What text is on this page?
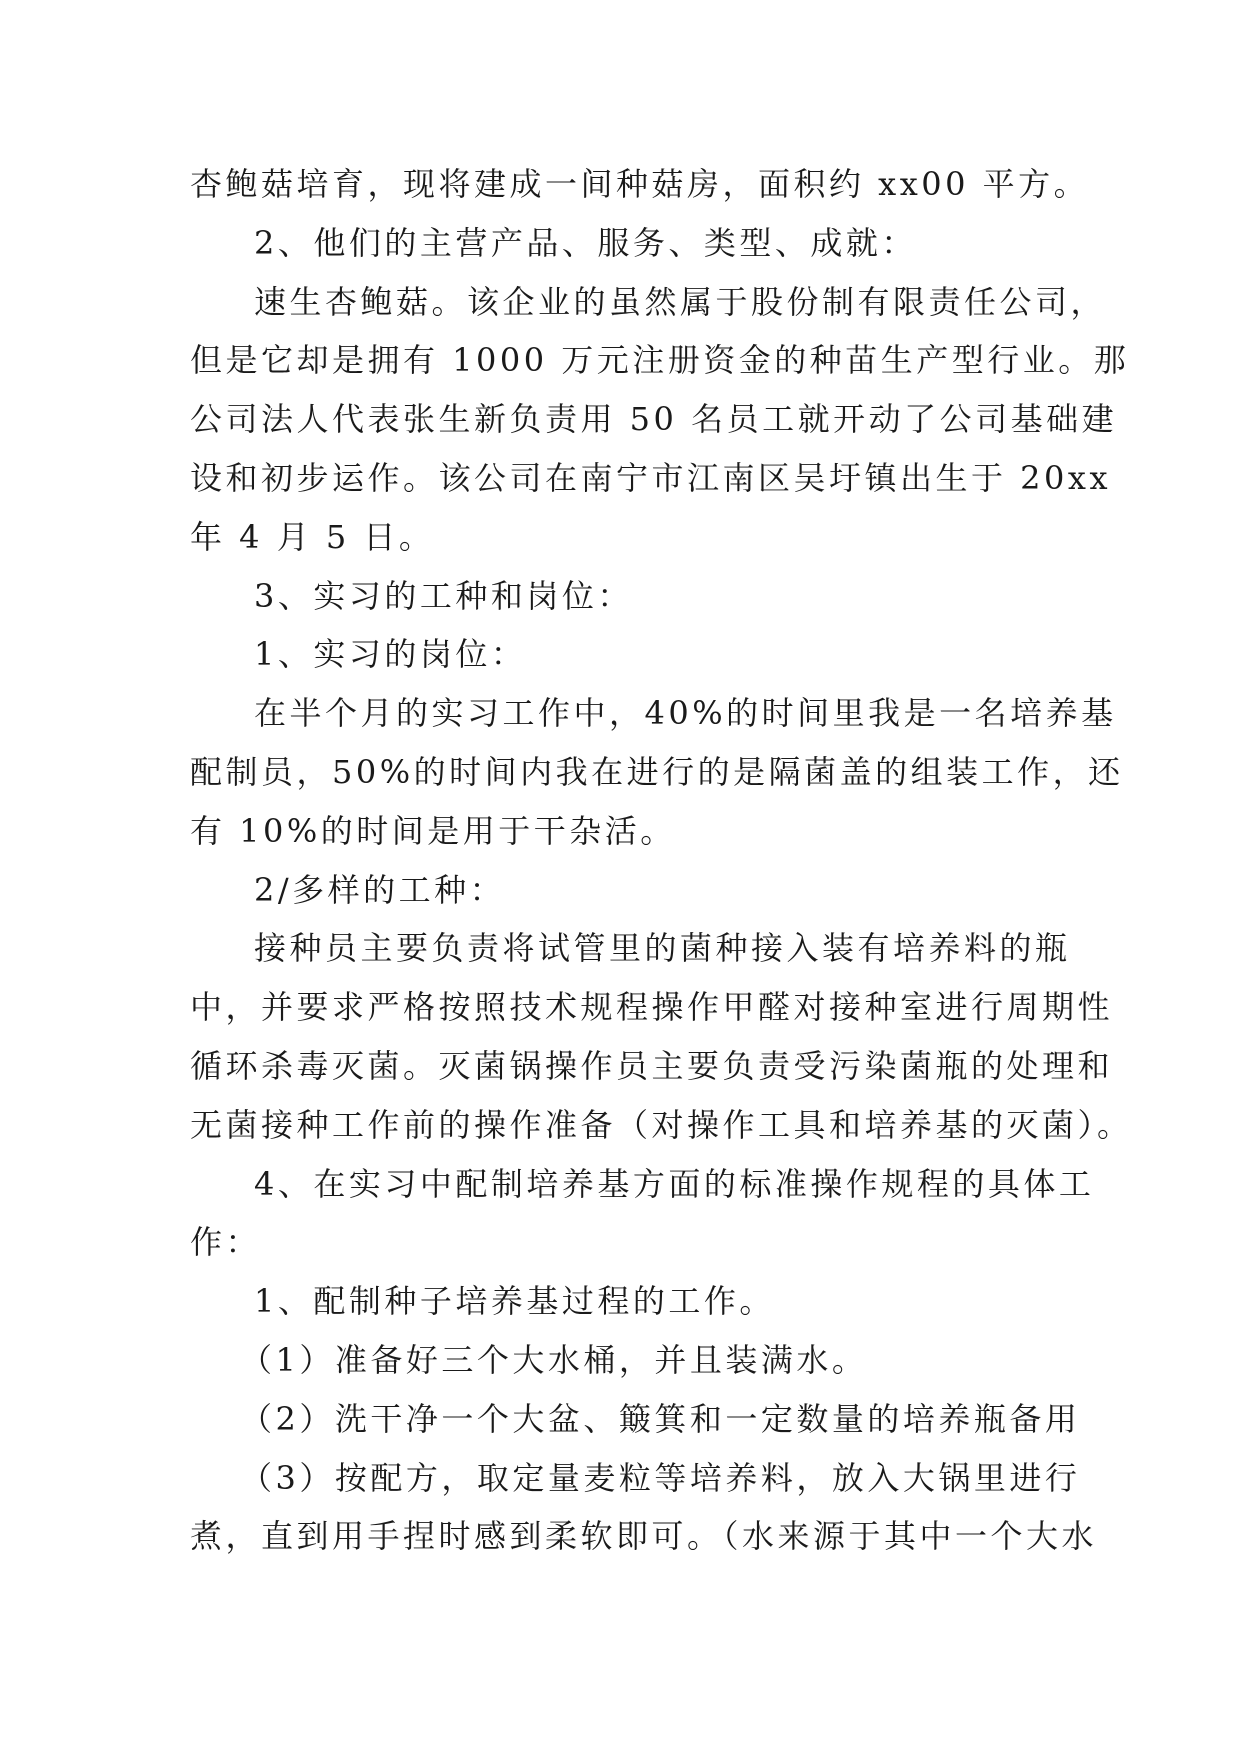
杏鲍菇培育，现将建成一间种菇房，面积约 xx00 平方。
2、他们的主营产品、服务、类型、成就：
速生杏鲍菇。该企业的虽然属于股份制有限责任公司，
但是它却是拥有 1000 万元注册资金的种苗生产型行业。那
公司法人代表张生新负责用 50 名员工就开动了公司基础建
设和初步运作。该公司在南宁市江南区吴圩镇出生于 20xx
年 4 月 5 日。
3、实习的工种和岗位：
1、实习的岗位：
在半个月的实习工作中，40%的时间里我是一名培养基
配制员，50%的时间内我在进行的是隔菌盖的组装工作，还
有 10%的时间是用于干杂活。
2/多样的工种：
接种员主要负责将试管里的菌种接入装有培养料的瓶
中，并要求严格按照技术规程操作甲醛对接种室进行周期性
循环杀毒灭菌。灭菌锅操作员主要负责受污染菌瓶的处理和
无菌接种工作前的操作准备（对操作工具和培养基的灭菌）。
4、在实习中配制培养基方面的标准操作规程的具体工
作：
1、配制种子培养基过程的工作。
（1）准备好三个大水桶，并且装满水。
（2）洗干净一个大盆、簸箕和一定数量的培养瓶备用
（3）按配方，取定量麦粒等培养料，放入大锅里进行
煮，直到用手捏时感到柔软即可。（水来源于其中一个大水
